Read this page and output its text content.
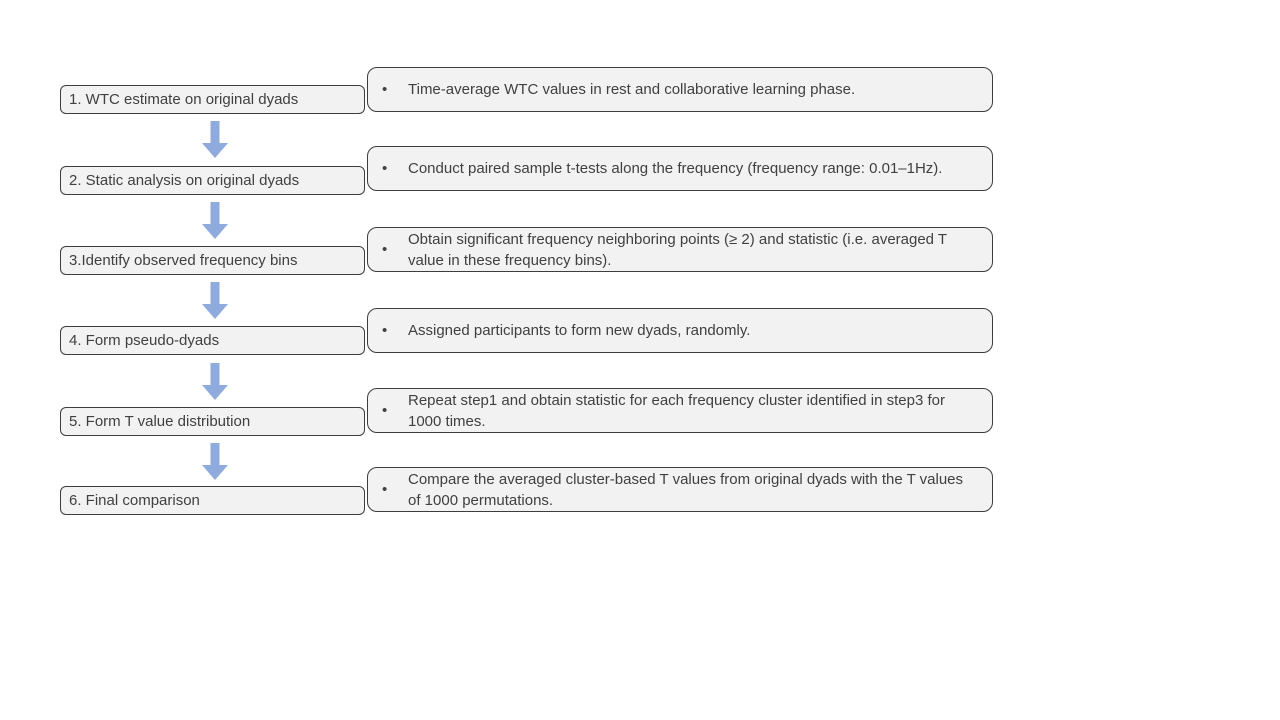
1. WTC estimate on original dyads
2. Static analysis on original dyads
3.Identify observed frequency bins
4. Form pseudo-dyads
5. Form T value distribution
6. Final comparison
•	Time-average WTC values in rest and collaborative learning phase.
•	Conduct paired sample t-tests along the frequency (frequency range: 0.01–1Hz).
•
Obtain significant frequency neighboring points (≥ 2) and statistic (i.e. averaged T value in these frequency bins).
•	Assigned participants to form new dyads, randomly.
•
Repeat step1 and obtain statistic for each frequency cluster identified in step3 for 1000 times.
•
Compare the averaged cluster-based T values from original dyads with the T values of 1000 permutations.
